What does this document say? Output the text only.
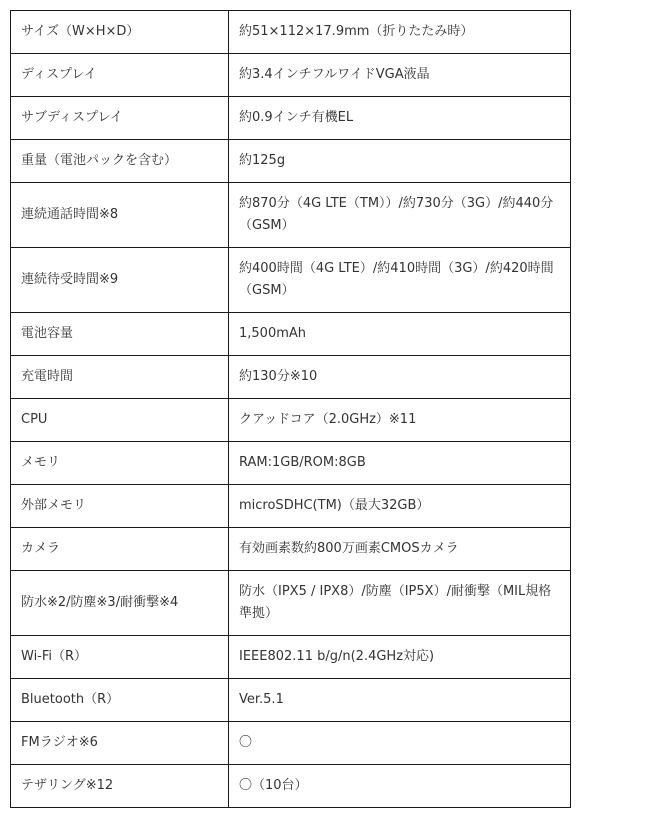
サイズ（W×H×D）	約51×112×17.9mm（折りたたみ時）
ディスプレイ	約3.4インチフルワイドVGA液晶
サブディスプレイ	約0.9インチ有機EL
重量（電池パックを含む）	約125g
連続通話時間※8	約870分（4G LTE（TM））/約730分（3G）/約440分（GSM）
連続待受時間※9	約400時間（4G LTE）/約410時間（3G）/約420時間（GSM）
電池容量	1,500mAh
充電時間	約130分※10
CPU	クアッドコア（2.0GHz）※11
メモリ	RAM:1GB/ROM:8GB
外部メモリ	microSDHC(TM)（最大32GB）
カメラ	有効画素数約800万画素CMOSカメラ
防水※2/防塵※3/耐衝撃※4	防水（IPX5 / IPX8）/防塵（IP5X）/耐衝撃（MIL規格準拠）
Wi-Fi（R）	IEEE802.11 b/g/n(2.4GHz対応)
Bluetooth（R）	Ver.5.1
FMラジオ※6	〇
テザリング※12	〇（10台）
